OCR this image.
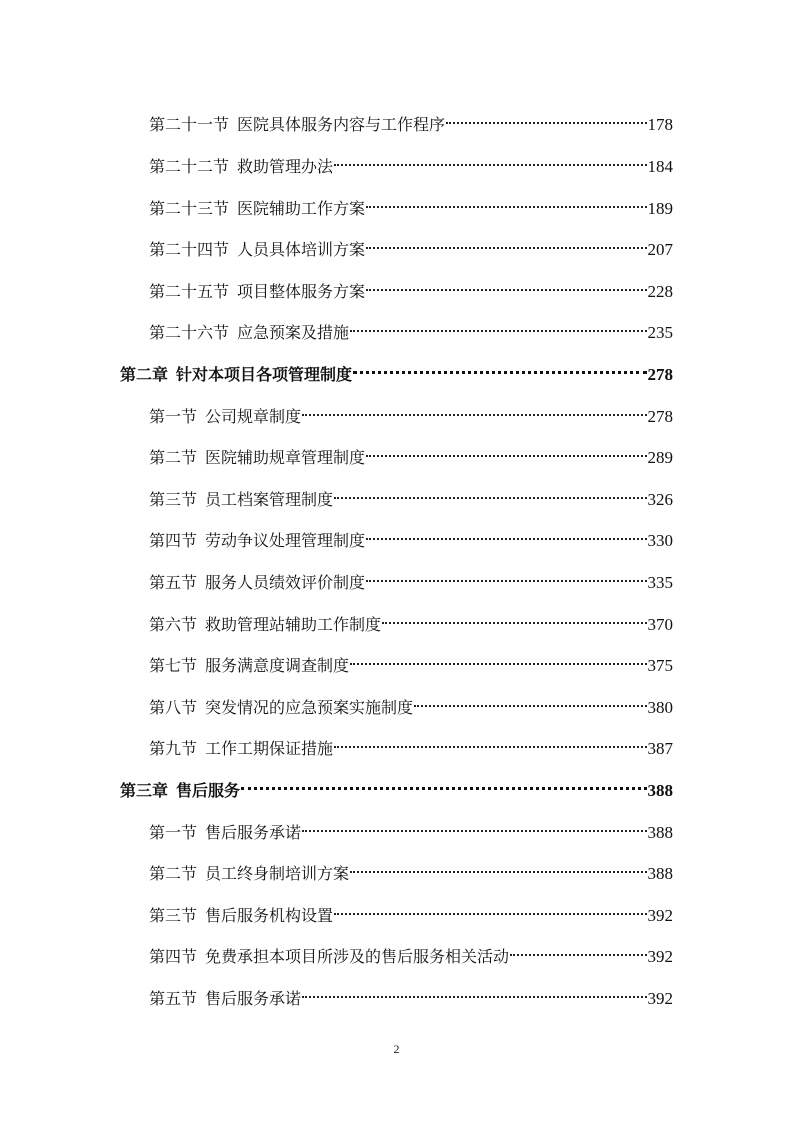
第二十一节 医院具体服务内容与工作程序	178
第二十二节 救助管理办法	184
第二十三节 医院辅助工作方案	189
第二十四节 人员具体培训方案	207
第二十五节 项目整体服务方案	228
第二十六节 应急预案及措施	235
第二章 针对本项目各项管理制度	278
第一节 公司规章制度	278
第二节 医院辅助规章管理制度	289
第三节 员工档案管理制度	326
第四节 劳动争议处理管理制度	330
第五节 服务人员绩效评价制度	335
第六节 救助管理站辅助工作制度	370
第七节 服务满意度调查制度	375
第八节 突发情况的应急预案实施制度	380
第九节 工作工期保证措施	387
第三章 售后服务	388
第一节 售后服务承诺	388
第二节 员工终身制培训方案	388
第三节 售后服务机构设置	392
第四节 免费承担本项目所涉及的售后服务相关活动	392
第五节 售后服务承诺	392
2
